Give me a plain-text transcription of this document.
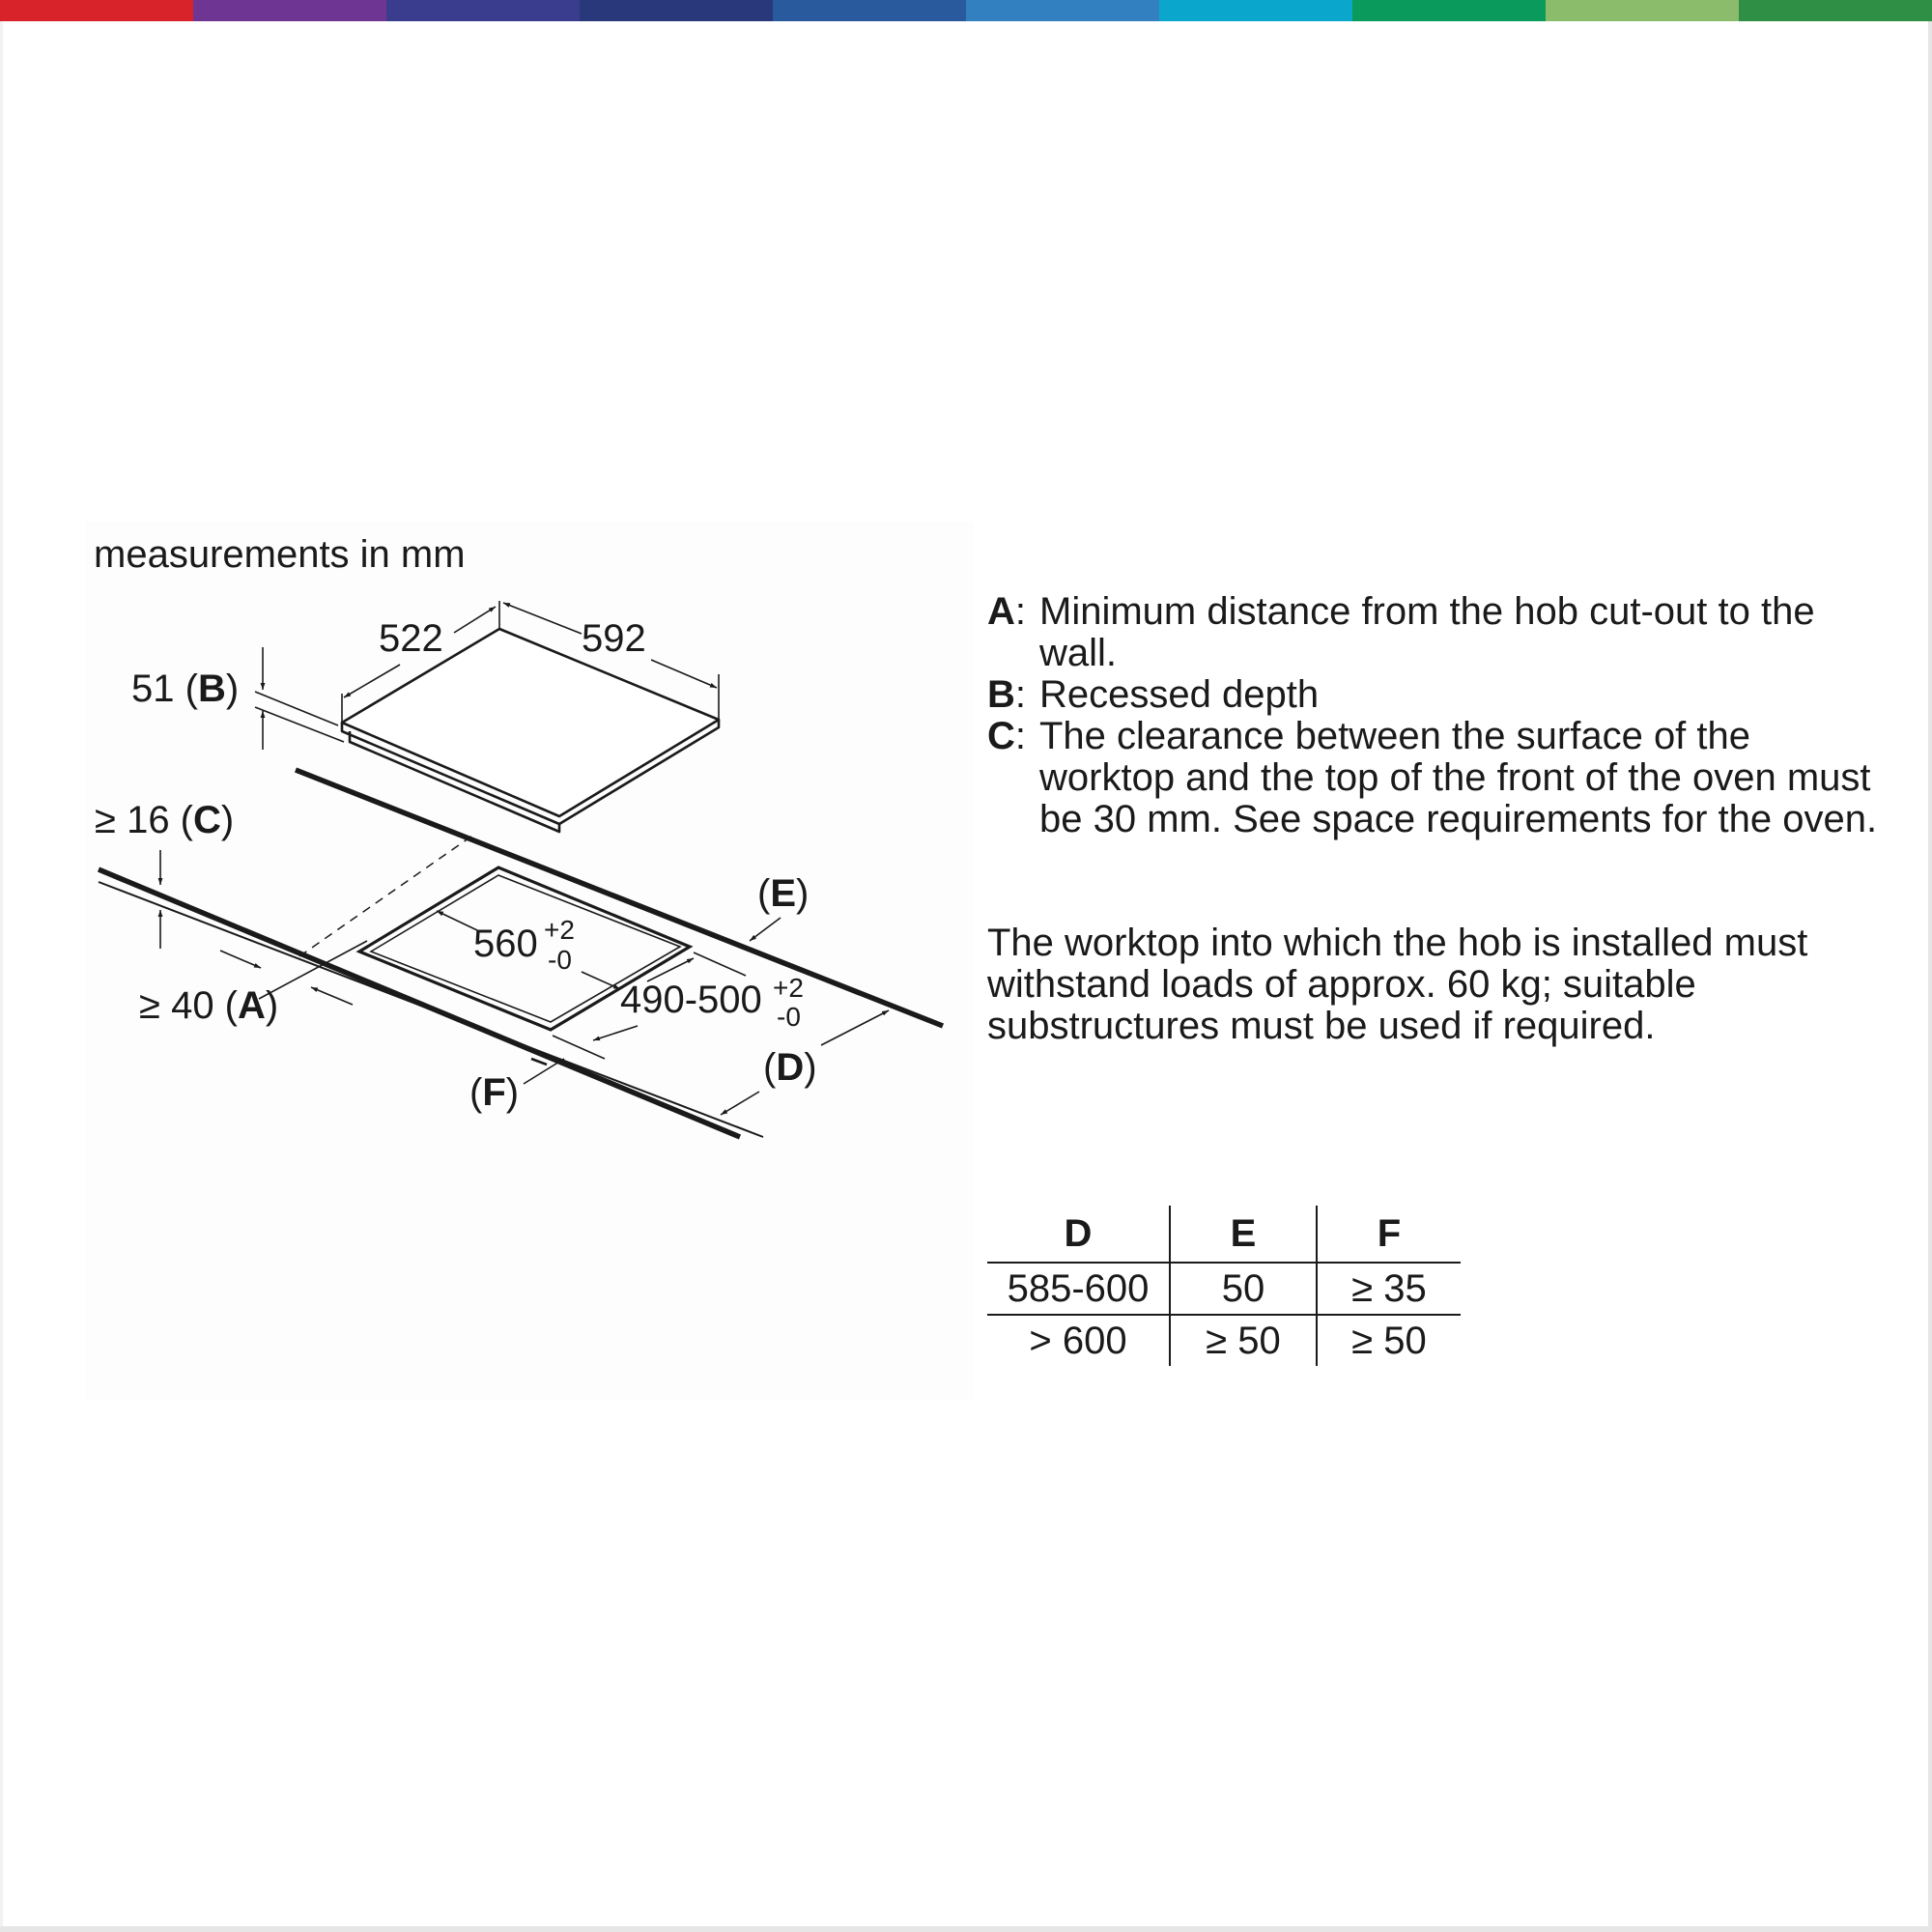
522	592
51 (B)
≥ 16 (C)
≥ 40 (A)
560 +2
-0
490-500 +2
-0
(E)
(D)
(F)
measurements in mm
A : Minimum distance from the hob cut-out to the wall.
B : Recessed depth
C : The clearance between the surface of the worktop and the top of the front of the oven must be 30 mm. See space requirements for the oven.
The worktop into which the hob is installed must withstand loads of approx. 60 kg; suitable substructures must be used if required.
D	E	F
585-600	50	≥ 35
> 600	≥ 50	≥ 50
